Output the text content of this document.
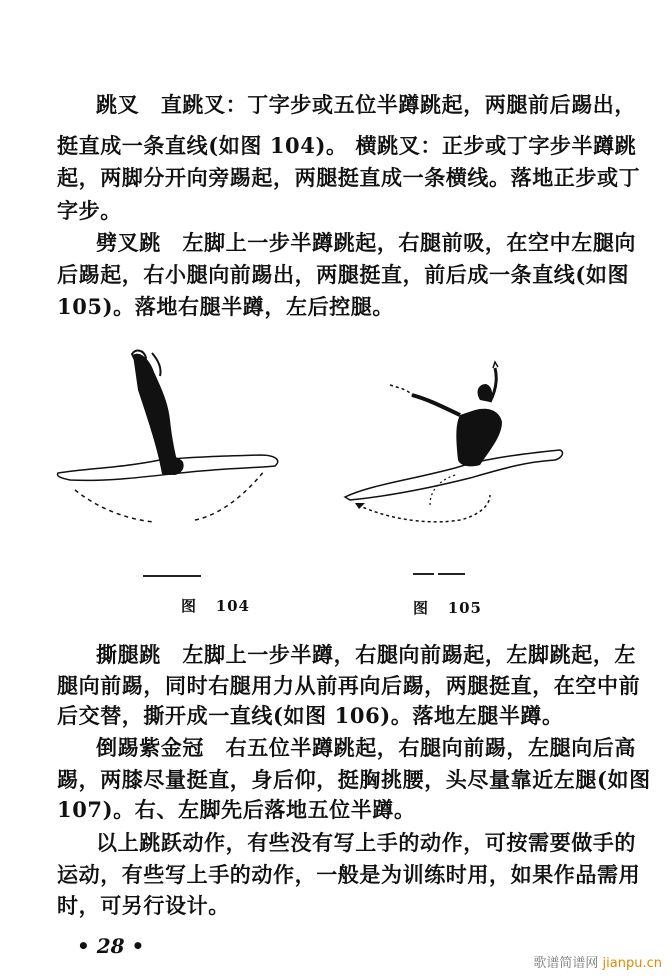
跳叉　 直跳叉：丁字步或五位半蹲跳起，两腿前后踢出，
挺直成一条直线(如图 104)。 横跳叉：正步或丁字步半蹲跳
起，两脚分开向旁踢起，两腿挺直成一条横线。落地正步或丁
字步。
劈叉跳　 左脚上一步半蹲跳起，右腿前吸，在空中左腿向
后踢起，右小腿向前踢出，两腿挺直，前后成一条直线(如图
105)。落地右腿半蹲，左后控腿。
图 104	图 105
撕腿跳　 左脚上一步半蹲，右腿向前踢起，左脚跳起，左
腿向前踢，同时右腿用力从前再向后踢，两腿挺直，在空中前
后交替，撕开成一直线(如图 106)。落地左腿半蹲。
倒踢紫金冠　 右五位半蹲跳起，右腿向前踢，左腿向后高
踢，两膝尽量挺直，身后仰，挺胸挑腰，头尽量靠近左腿(如图
107)。右、左脚先后落地五位半蹲。
以上跳跃动作，有些没有写上手的动作，可按需要做手的
运动，有些写上手的动作，一般是为训练时用，如果作品需用
时，可另行设计。
• 28 •
歌谱简谱网 jianpu.cn
